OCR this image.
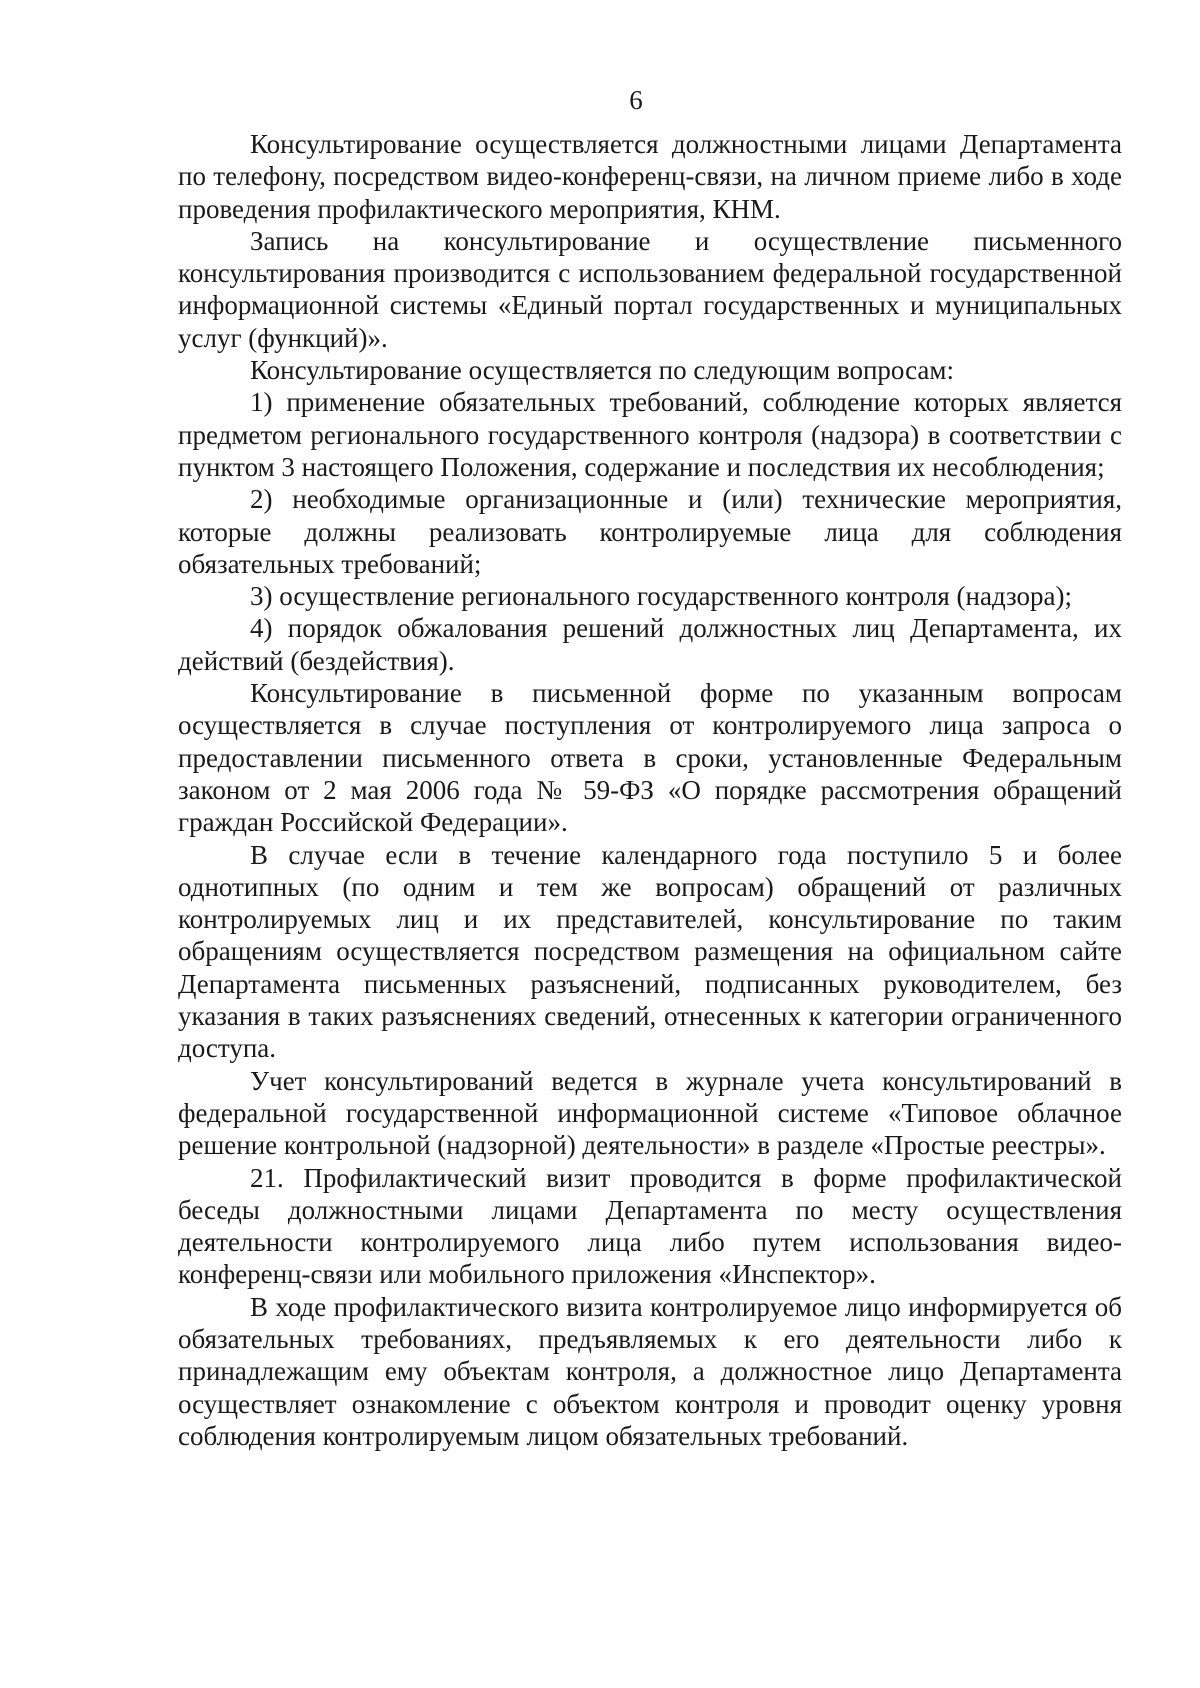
6

Консультирование осуществляется должностными лицами Департамента по телефону, посредством видео-конференц-связи, на личном приеме либо в ходе проведения профилактического мероприятия, КНМ.

Запись на консультирование и осуществление письменного консультирования производится с использованием федеральной государственной информационной системы «Единый портал государственных и муниципальных услуг (функций)».

Консультирование осуществляется по следующим вопросам:

1) применение обязательных требований, соблюдение которых является предметом регионального государственного контроля (надзора) в соответствии с пунктом 3 настоящего Положения, содержание и последствия их несоблюдения;

2) необходимые организационные и (или) технические мероприятия, которые должны реализовать контролируемые лица для соблюдения обязательных требований;

3) осуществление регионального государственного контроля (надзора);

4) порядок обжалования решений должностных лиц Департамента, их действий (бездействия).

Консультирование в письменной форме по указанным вопросам осуществляется в случае поступления от контролируемого лица запроса о предоставлении письменного ответа в сроки, установленные Федеральным законом от 2 мая 2006 года № 59-ФЗ «О порядке рассмотрения обращений граждан Российской Федерации».

В случае если в течение календарного года поступило 5 и более однотипных (по одним и тем же вопросам) обращений от различных контролируемых лиц и их представителей, консультирование по таким обращениям осуществляется посредством размещения на официальном сайте Департамента письменных разъяснений, подписанных руководителем, без указания в таких разъяснениях сведений, отнесенных к категории ограниченного доступа.

Учет консультирований ведется в журнале учета консультирований в федеральной государственной информационной системе «Типовое облачное решение контрольной (надзорной) деятельности» в разделе «Простые реестры».

21. Профилактический визит проводится в форме профилактической беседы должностными лицами Департамента по месту осуществления деятельности контролируемого лица либо путем использования видео-конференц-связи или мобильного приложения «Инспектор».

В ходе профилактического визита контролируемое лицо информируется об обязательных требованиях, предъявляемых к его деятельности либо к принадлежащим ему объектам контроля, а должностное лицо Департамента осуществляет ознакомление с объектом контроля и проводит оценку уровня соблюдения контролируемым лицом обязательных требований.
